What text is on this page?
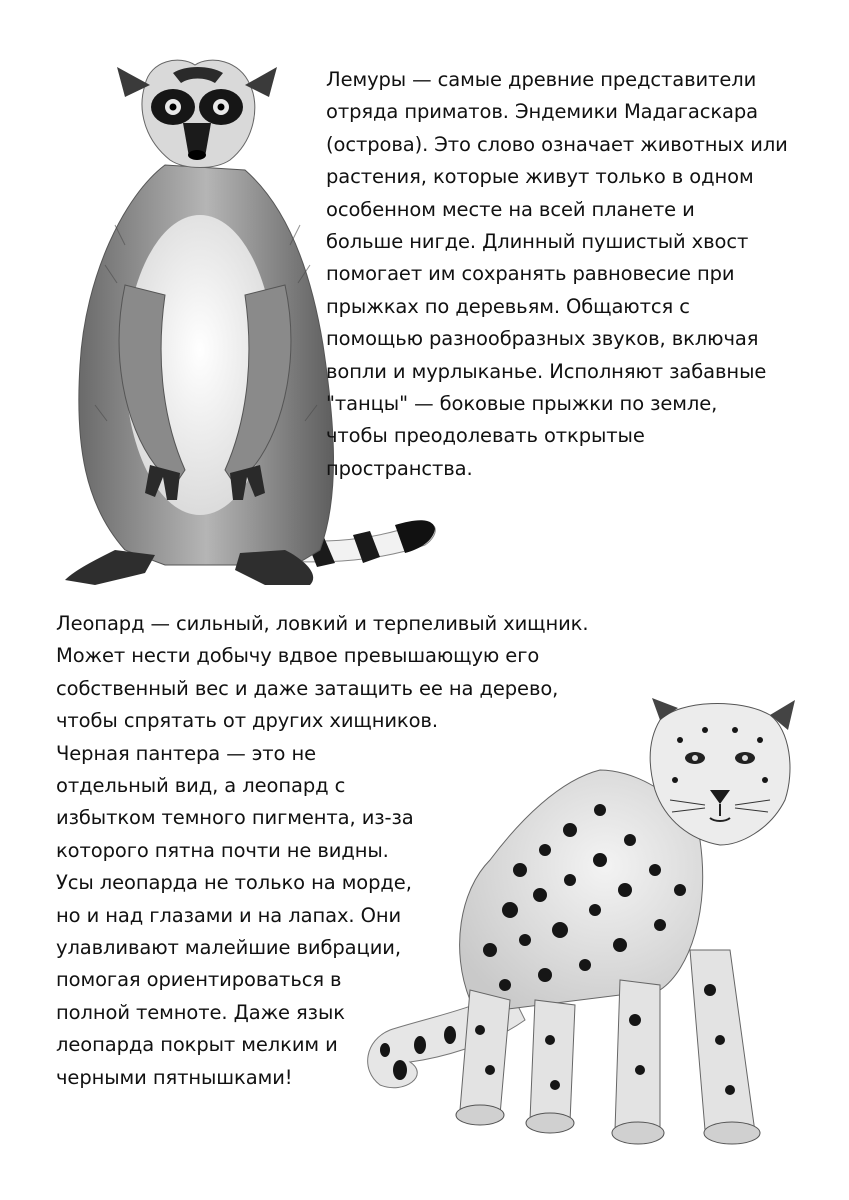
Лемуры — самые древние представители
отряда приматов. Эндемики Мадагаскара
(острова). Это слово означает животных или
растения, которые живут только в одном
особенном месте на всей планете и
больше нигде. Длинный пушистый хвост
помогает им сохранять равновесие при
прыжках по деревьям. Общаются с
помощью разнообразных звуков, включая
вопли и мурлыканье. Исполняют забавные
"танцы" — боковые прыжки по земле,
чтобы преодолевать открытые
пространства.

Леопард — сильный, ловкий и терпеливый хищник.
Может нести добычу вдвое превышающую его
собственный вес и даже затащить ее на дерево,
чтобы спрятать от других хищников.
Черная пантера — это не
отдельный вид, а леопард с
избытком темного пигмента, из-за
которого пятна почти не видны.
Усы леопарда не только на морде,
но и над глазами и на лапах. Они
улавливают малейшие вибрации,
помогая ориентироваться в
полной темноте. Даже язык
леопарда покрыт мелким и
черными пятнышками!
